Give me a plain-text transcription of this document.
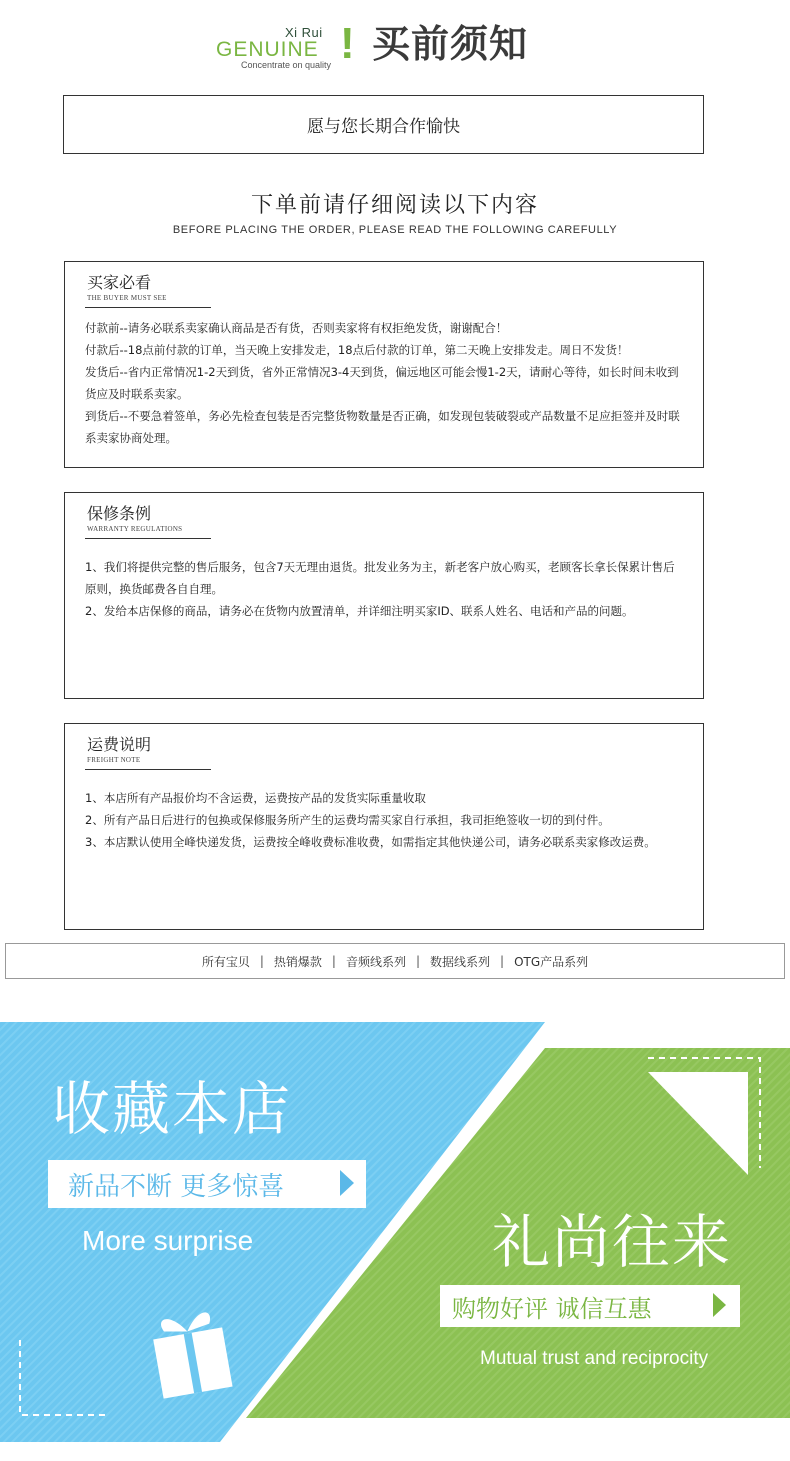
Xi Rui
GENUINE
Concentrate on quality ! 买前须知
愿与您长期合作愉快
下单前请仔细阅读以下内容
BEFORE PLACING THE ORDER, PLEASE READ THE FOLLOWING CAREFULLY
买家必看
THE BUYER MUST SEE

付款前--请务必联系卖家确认商品是否有货，否则卖家将有权拒绝发货，谢谢配合！

付款后--18点前付款的订单，当天晚上安排发走，18点后付款的订单，第二天晚上安排发走。周日不发货！

发货后--省内正常情况1-2天到货，省外正常情况3-4天到货，偏远地区可能会慢1-2天，请耐心等待，如长时间未收到货应及时联系卖家。

到货后--不要急着签单，务必先检查包装是否完整货物数量是否正确，如发现包装破裂或产品数量不足应拒签并及时联系卖家协商处理。

保修条例
WARRANTY REGULATIONS

1、我们将提供完整的售后服务，包含7天无理由退货。批发业务为主，新老客户放心购买，老顾客长拿长保累计售后原则，换货邮费各自自理。

2、发给本店保修的商品，请务必在货物内放置清单，并详细注明买家ID、联系人姓名、电话和产品的问题。

运费说明
FREIGHT NOTE

1、本店所有产品报价均不含运费，运费按产品的发货实际重量收取

2、所有产品日后进行的包换或保修服务所产生的运费均需买家自行承担，我司拒绝签收一切的到付件。

3、本店默认使用全峰快递发货，运费按全峰收费标准收费，如需指定其他快递公司，请务必联系卖家修改运费。

所有宝贝 | 热销爆款 | 音频线系列 | 数据线系列 | OTG产品系列
收藏本店
新品不断 更多惊喜
More surprise	礼尚往来
购物好评 诚信互惠
Mutual trust and reciprocity
